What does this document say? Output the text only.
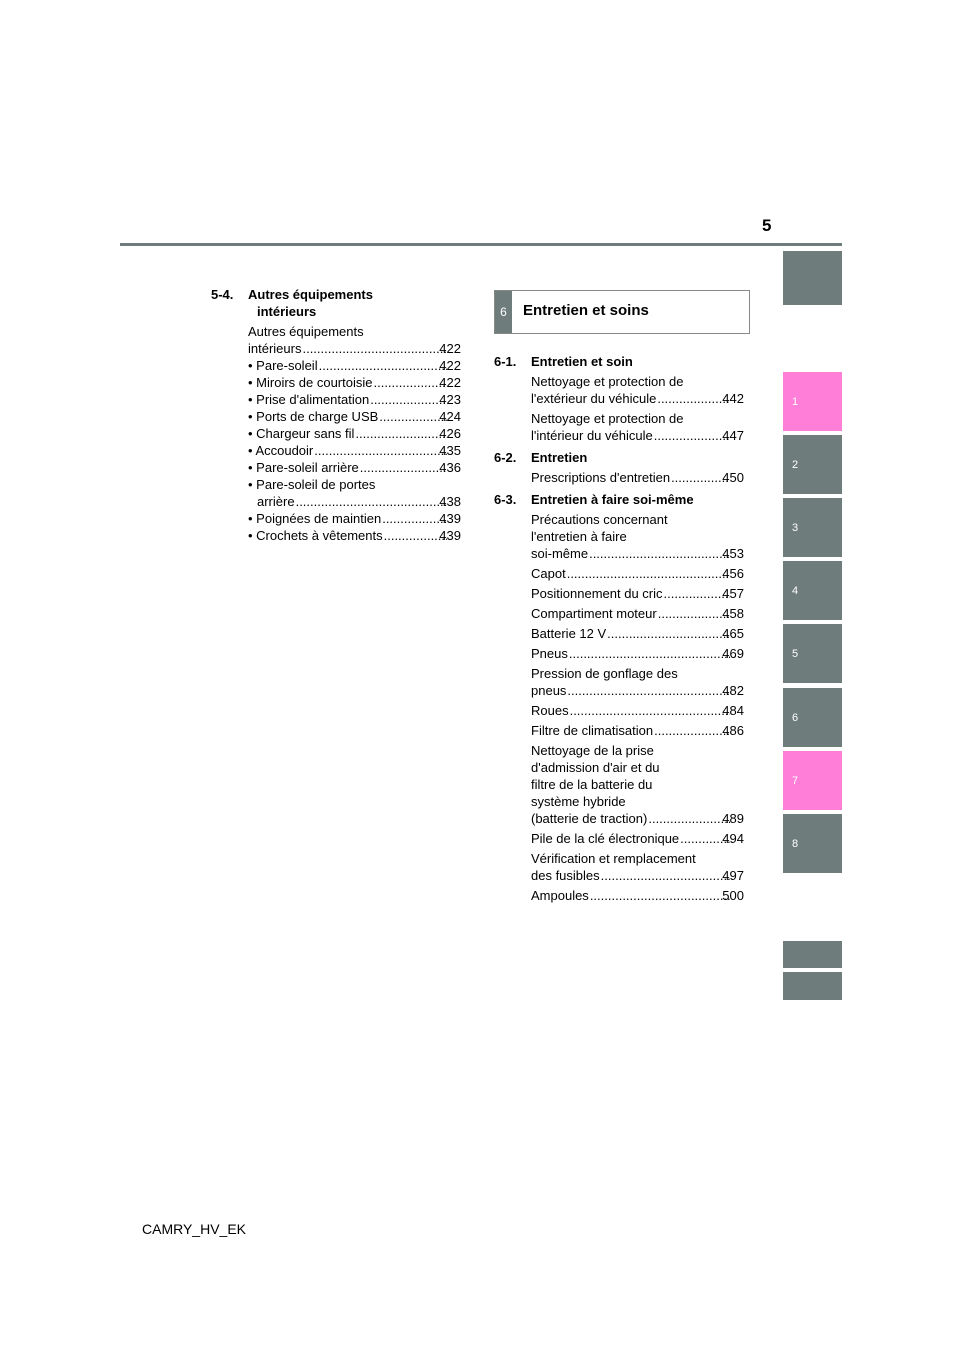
5
1
2
3
4
5
6
7
8
5-4.	Autres équipements
intérieurs
Autres équipements
intérieurs .....	422
• Pare-soleil .....	422
• Miroirs de courtoisie .....	422
• Prise d'alimentation .....	423
• Ports de charge USB .....	424
• Chargeur sans fil .....	426
• Accoudoir .....	435
• Pare-soleil arrière .....	436
• Pare-soleil de portes
arrière .....	438
• Poignées de maintien .....	439
• Crochets à vêtements .....	439
6	Entretien et soins
6-1.	Entretien et soin
Nettoyage et protection de
l'extérieur du véhicule .....	442
Nettoyage et protection de
l'intérieur du véhicule .....	447
6-2.	Entretien
Prescriptions d'entretien .....	450
6-3.	Entretien à faire soi-même
Précautions concernant
l'entretien à faire
soi-même .....	453
Capot .....	456
Positionnement du cric .....	457
Compartiment moteur .....	458
Batterie 12 V .....	465
Pneus .....	469
Pression de gonflage des
pneus .....	482
Roues .....	484
Filtre de climatisation .....	486
Nettoyage de la prise
d'admission d'air et du
filtre de la batterie du
système hybride
(batterie de traction) .....	489
Pile de la clé électronique .....	494
Vérification et remplacement
des fusibles .....	497
Ampoules .....	500
CAMRY_HV_EK
